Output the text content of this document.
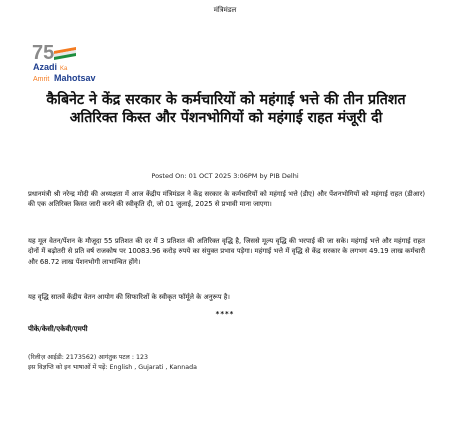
मंत्रिमंडल
75
Azadi Ka
Amrit Mahotsav
कैबिनेट ने केंद्र सरकार के कर्मचारियों को महंगाई भत्ते की तीन प्रतिशत अतिरिक्त किस्त और पेंशनभोगियों को महंगाई राहत मंजूरी दी
Posted On: 01 OCT 2025 3:06PM by PIB Delhi
प्रधानमंत्री श्री नरेन्द्र मोदी की अध्यक्षता में आज केंद्रीय मंत्रिमंडल ने केंद्र सरकार के कर्मचारियों को महंगाई भत्ते (डीए) और पेंशनभोगियों को महंगाई राहत (डीआर) की एक अतिरिक्त किस्त जारी करने की स्वीकृति दी, जो 01 जुलाई, 2025 से प्रभावी माना जाएगा।
यह मूल वेतन/पेंशन के मौजूदा 55 प्रतिशत की दर में 3 प्रतिशत की अतिरिक्त वृद्धि है, जिससे मूल्य वृद्धि की भरपाई की जा सके। महंगाई भत्ते और महंगाई राहत दोनों में बढ़ोतरी से प्रति वर्ष राजकोष पर 10083.96 करोड़ रुपये का संयुक्त प्रभाव पड़ेगा। महंगाई भत्ते में वृद्धि से केंद्र सरकार के लगभग 49.19 लाख कर्मचारी और 68.72 लाख पेंशनभोगी लाभान्वित होंगे।
यह वृद्धि सातवें केंद्रीय वेतन आयोग की सिफारिशों के स्वीकृत फॉर्मूले के अनुरूप है।
****
पीके/केसी/एकेवी/एमपी
(रिलीज़ आईडी: 2173562) आगंतुक पटल : 123
इस विज्ञप्ति को इन भाषाओं में पढ़ें: English , Gujarati , Kannada
